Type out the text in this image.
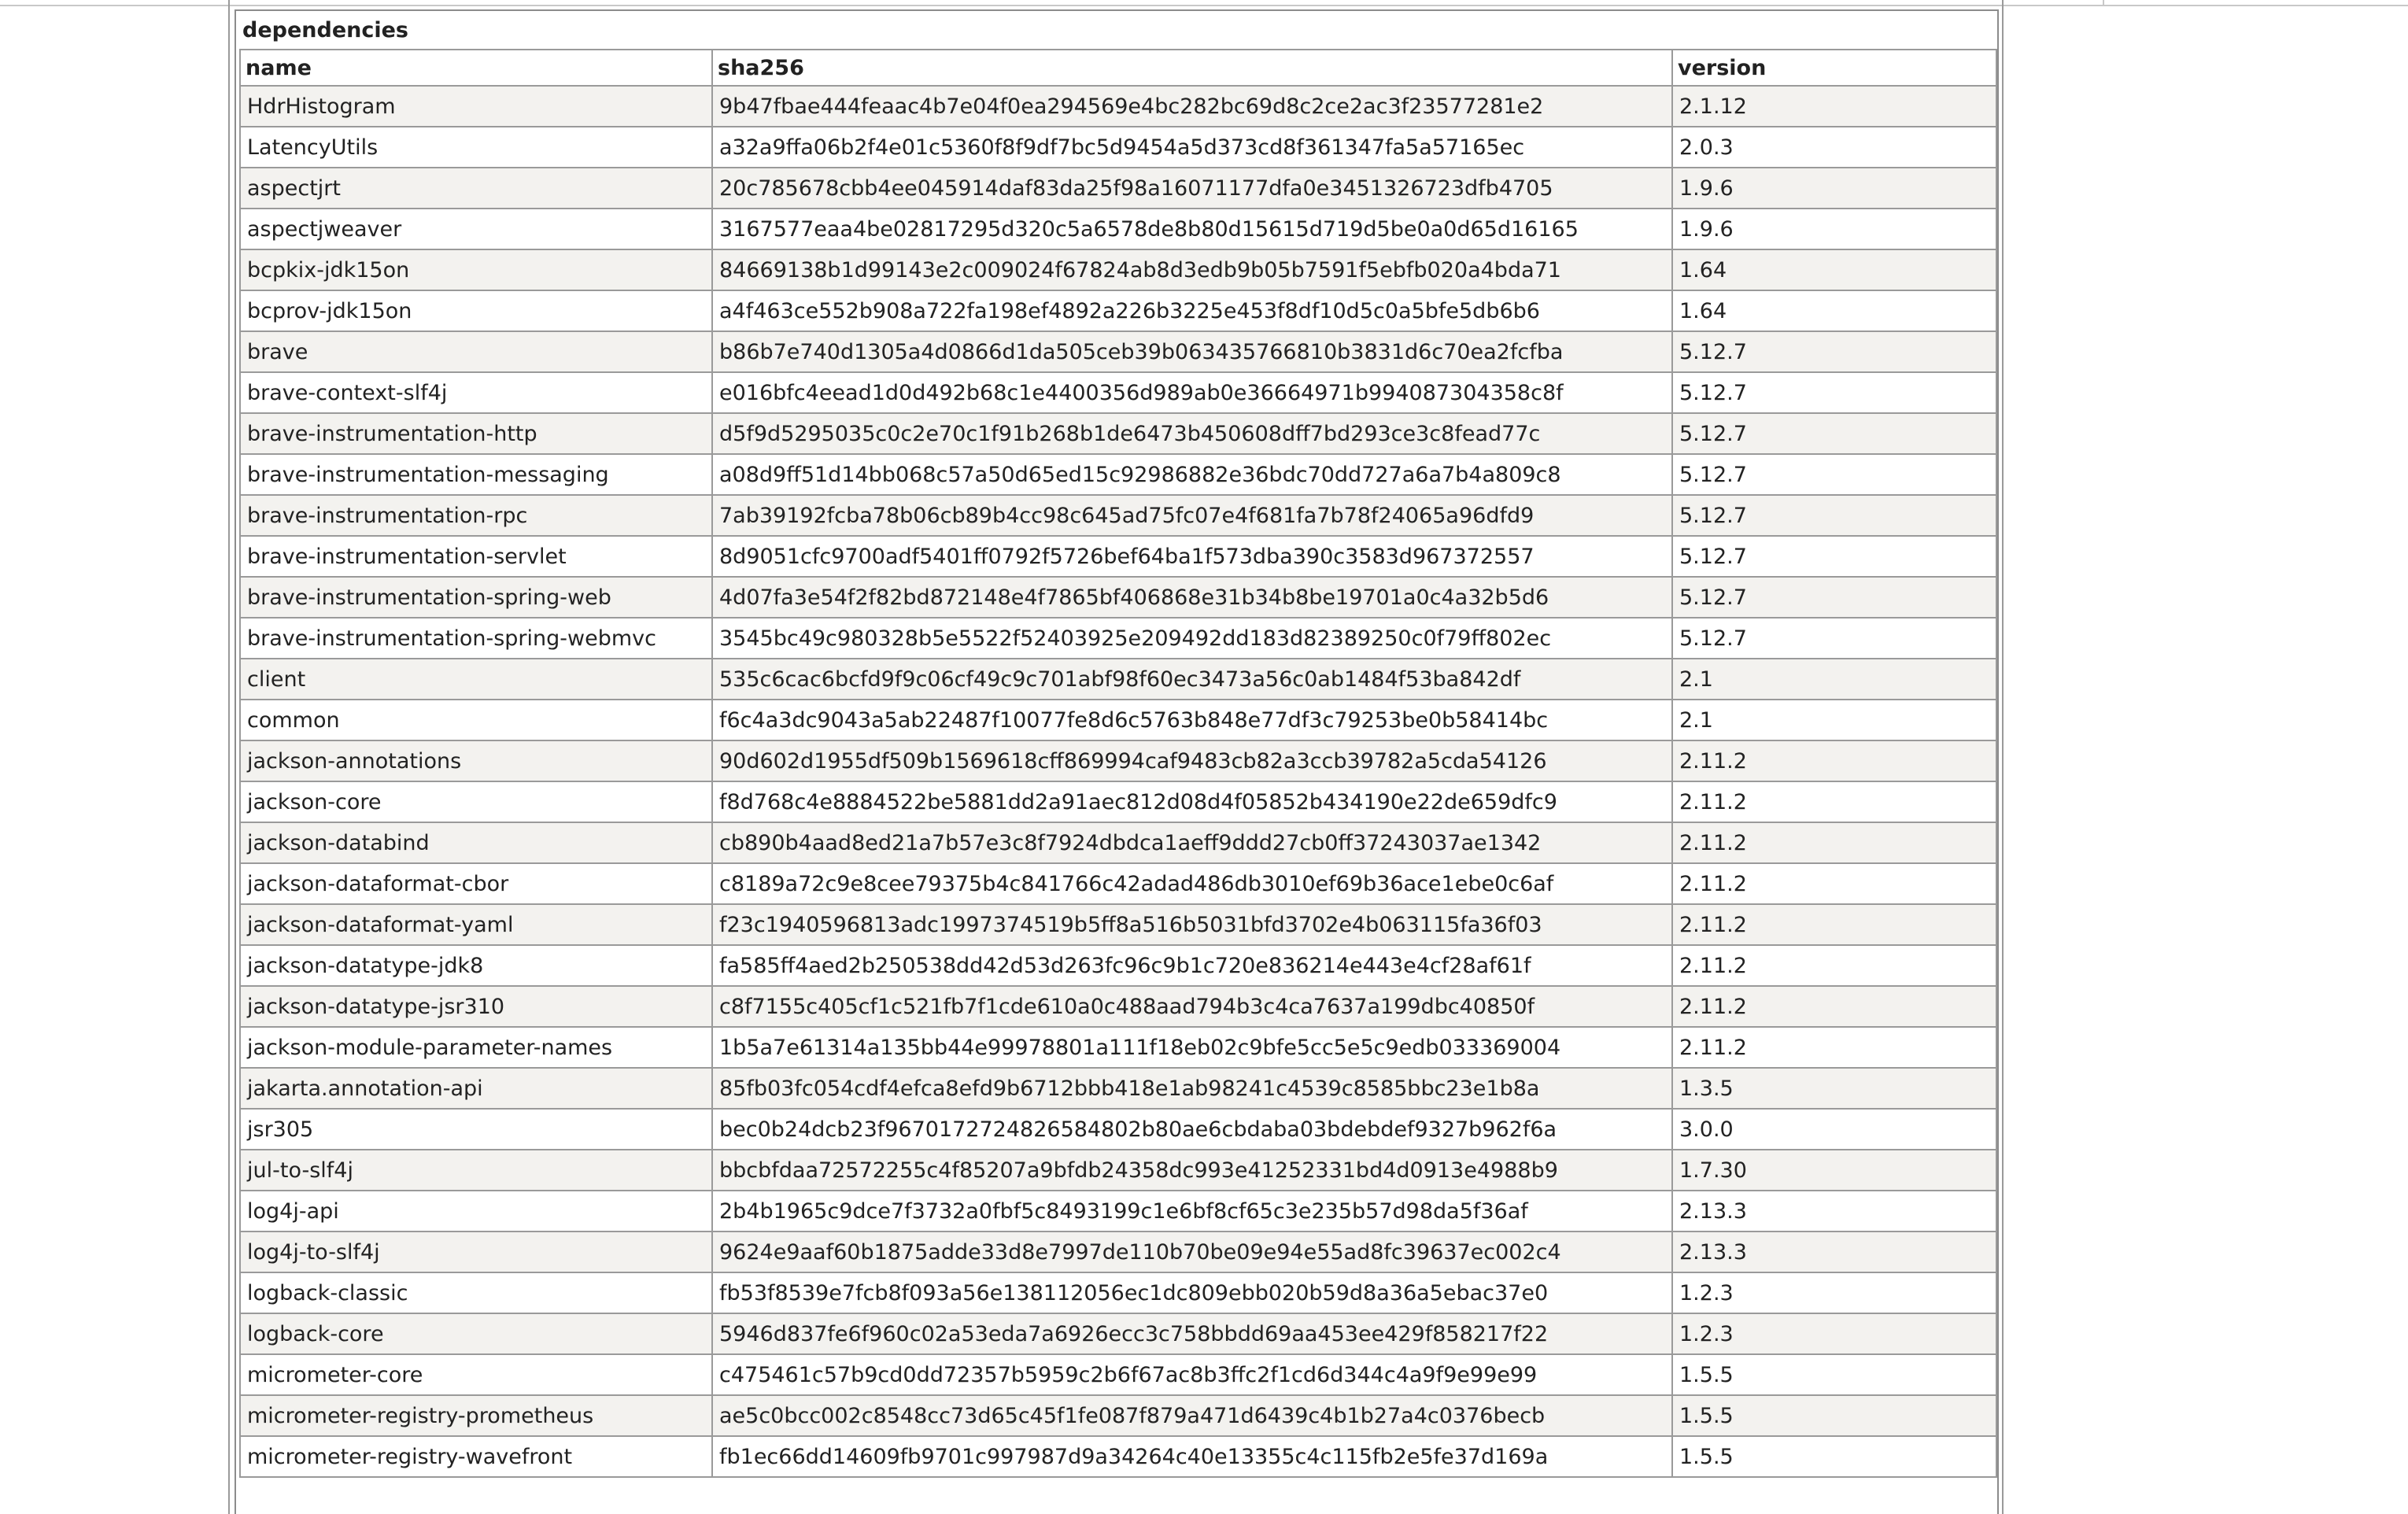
dependencies
name	sha256	version
HdrHistogram	9b47fbae444feaac4b7e04f0ea294569e4bc282bc69d8c2ce2ac3f23577281e2	2.1.12
LatencyUtils	a32a9ffa06b2f4e01c5360f8f9df7bc5d9454a5d373cd8f361347fa5a57165ec	2.0.3
aspectjrt	20c785678cbb4ee045914daf83da25f98a16071177dfa0e3451326723dfb4705	1.9.6
aspectjweaver	3167577eaa4be02817295d320c5a6578de8b80d15615d719d5be0a0d65d16165	1.9.6
bcpkix-jdk15on	84669138b1d99143e2c009024f67824ab8d3edb9b05b7591f5ebfb020a4bda71	1.64
bcprov-jdk15on	a4f463ce552b908a722fa198ef4892a226b3225e453f8df10d5c0a5bfe5db6b6	1.64
brave	b86b7e740d1305a4d0866d1da505ceb39b063435766810b3831d6c70ea2fcfba	5.12.7
brave-context-slf4j	e016bfc4eead1d0d492b68c1e4400356d989ab0e36664971b994087304358c8f	5.12.7
brave-instrumentation-http	d5f9d5295035c0c2e70c1f91b268b1de6473b450608dff7bd293ce3c8fead77c	5.12.7
brave-instrumentation-messaging	a08d9ff51d14bb068c57a50d65ed15c92986882e36bdc70dd727a6a7b4a809c8	5.12.7
brave-instrumentation-rpc	7ab39192fcba78b06cb89b4cc98c645ad75fc07e4f681fa7b78f24065a96dfd9	5.12.7
brave-instrumentation-servlet	8d9051cfc9700adf5401ff0792f5726bef64ba1f573dba390c3583d967372557	5.12.7
brave-instrumentation-spring-web	4d07fa3e54f2f82bd872148e4f7865bf406868e31b34b8be19701a0c4a32b5d6	5.12.7
brave-instrumentation-spring-webmvc	3545bc49c980328b5e5522f52403925e209492dd183d82389250c0f79ff802ec	5.12.7
client	535c6cac6bcfd9f9c06cf49c9c701abf98f60ec3473a56c0ab1484f53ba842df	2.1
common	f6c4a3dc9043a5ab22487f10077fe8d6c5763b848e77df3c79253be0b58414bc	2.1
jackson-annotations	90d602d1955df509b1569618cff869994caf9483cb82a3ccb39782a5cda54126	2.11.2
jackson-core	f8d768c4e8884522be5881dd2a91aec812d08d4f05852b434190e22de659dfc9	2.11.2
jackson-databind	cb890b4aad8ed21a7b57e3c8f7924dbdca1aeff9ddd27cb0ff37243037ae1342	2.11.2
jackson-dataformat-cbor	c8189a72c9e8cee79375b4c841766c42adad486db3010ef69b36ace1ebe0c6af	2.11.2
jackson-dataformat-yaml	f23c1940596813adc1997374519b5ff8a516b5031bfd3702e4b063115fa36f03	2.11.2
jackson-datatype-jdk8	fa585ff4aed2b250538dd42d53d263fc96c9b1c720e836214e443e4cf28af61f	2.11.2
jackson-datatype-jsr310	c8f7155c405cf1c521fb7f1cde610a0c488aad794b3c4ca7637a199dbc40850f	2.11.2
jackson-module-parameter-names	1b5a7e61314a135bb44e99978801a111f18eb02c9bfe5cc5e5c9edb033369004	2.11.2
jakarta.annotation-api	85fb03fc054cdf4efca8efd9b6712bbb418e1ab98241c4539c8585bbc23e1b8a	1.3.5
jsr305	bec0b24dcb23f9670172724826584802b80ae6cbdaba03bdebdef9327b962f6a	3.0.0
jul-to-slf4j	bbcbfdaa72572255c4f85207a9bfdb24358dc993e41252331bd4d0913e4988b9	1.7.30
log4j-api	2b4b1965c9dce7f3732a0fbf5c8493199c1e6bf8cf65c3e235b57d98da5f36af	2.13.3
log4j-to-slf4j	9624e9aaf60b1875adde33d8e7997de110b70be09e94e55ad8fc39637ec002c4	2.13.3
logback-classic	fb53f8539e7fcb8f093a56e138112056ec1dc809ebb020b59d8a36a5ebac37e0	1.2.3
logback-core	5946d837fe6f960c02a53eda7a6926ecc3c758bbdd69aa453ee429f858217f22	1.2.3
micrometer-core	c475461c57b9cd0dd72357b5959c2b6f67ac8b3ffc2f1cd6d344c4a9f9e99e99	1.5.5
micrometer-registry-prometheus	ae5c0bcc002c8548cc73d65c45f1fe087f879a471d6439c4b1b27a4c0376becb	1.5.5
micrometer-registry-wavefront	fb1ec66dd14609fb9701c997987d9a34264c40e13355c4c115fb2e5fe37d169a	1.5.5
